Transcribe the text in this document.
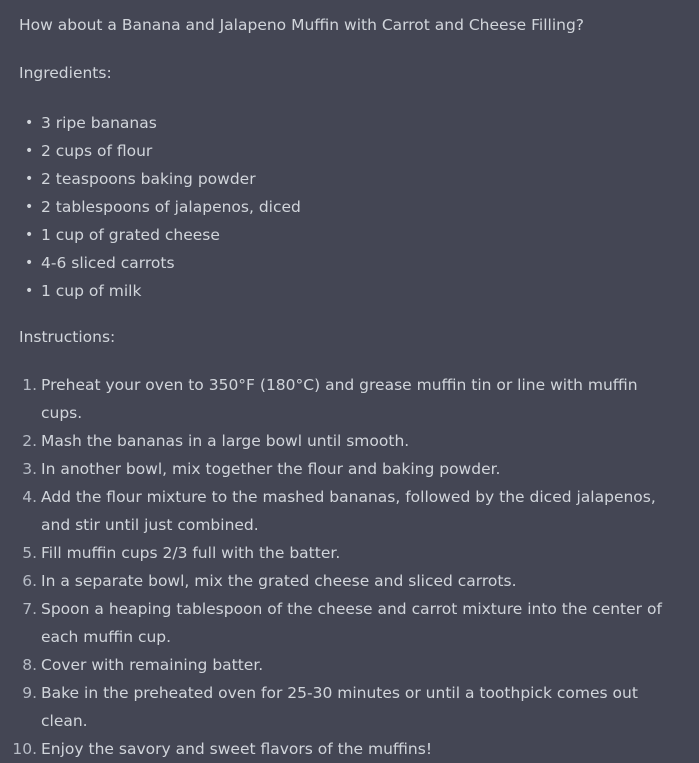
How about a Banana and Jalapeno Muffin with Carrot and Cheese Filling?

Ingredients:

• 3 ripe bananas
• 2 cups of flour
• 2 teaspoons baking powder
• 2 tablespoons of jalapenos, diced
• 1 cup of grated cheese
• 4-6 sliced carrots
• 1 cup of milk

Instructions:

1. Preheat your oven to 350°F (180°C) and grease muffin tin or line with muffin cups.
2. Mash the bananas in a large bowl until smooth.
3. In another bowl, mix together the flour and baking powder.
4. Add the flour mixture to the mashed bananas, followed by the diced jalapenos, and stir until just combined.
5. Fill muffin cups 2/3 full with the batter.
6. In a separate bowl, mix the grated cheese and sliced carrots.
7. Spoon a heaping tablespoon of the cheese and carrot mixture into the center of each muffin cup.
8. Cover with remaining batter.
9. Bake in the preheated oven for 25-30 minutes or until a toothpick comes out clean.
10. Enjoy the savory and sweet flavors of the muffins!
